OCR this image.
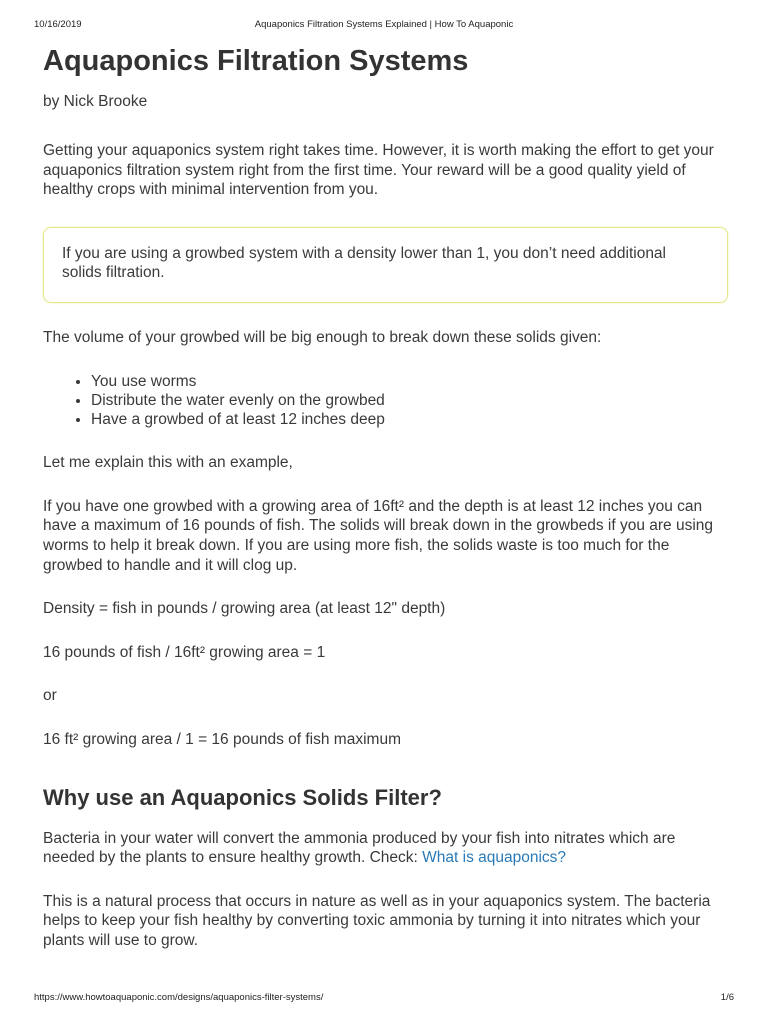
10/16/2019	Aquaponics Filtration Systems Explained | How To Aquaponic
Aquaponics Filtration Systems

by Nick Brooke

Getting your aquaponics system right takes time. However, it is worth making the effort to get your aquaponics filtration system right from the first time. Your reward will be a good quality yield of healthy crops with minimal intervention from you.

If you are using a growbed system with a density lower than 1, you don’t need additional solids filtration.

The volume of your growbed will be big enough to break down these solids given:

• You use worms
• Distribute the water evenly on the growbed
• Have a growbed of at least 12 inches deep

Let me explain this with an example,

If you have one growbed with a growing area of 16ft² and the depth is at least 12 inches you can have a maximum of 16 pounds of fish. The solids will break down in the growbeds if you are using worms to help it break down. If you are using more fish, the solids waste is too much for the growbed to handle and it will clog up.

Density = fish in pounds / growing area (at least 12" depth)

16 pounds of fish / 16ft² growing area = 1

or

16 ft² growing area / 1 = 16 pounds of fish maximum

Why use an Aquaponics Solids Filter?

Bacteria in your water will convert the ammonia produced by your fish into nitrates which are needed by the plants to ensure healthy growth. Check: What is aquaponics?

This is a natural process that occurs in nature as well as in your aquaponics system. The bacteria helps to keep your fish healthy by converting toxic ammonia by turning it into nitrates which your plants will use to grow.

https://www.howtoaquaponic.com/designs/aquaponics-filter-systems/	1/6
